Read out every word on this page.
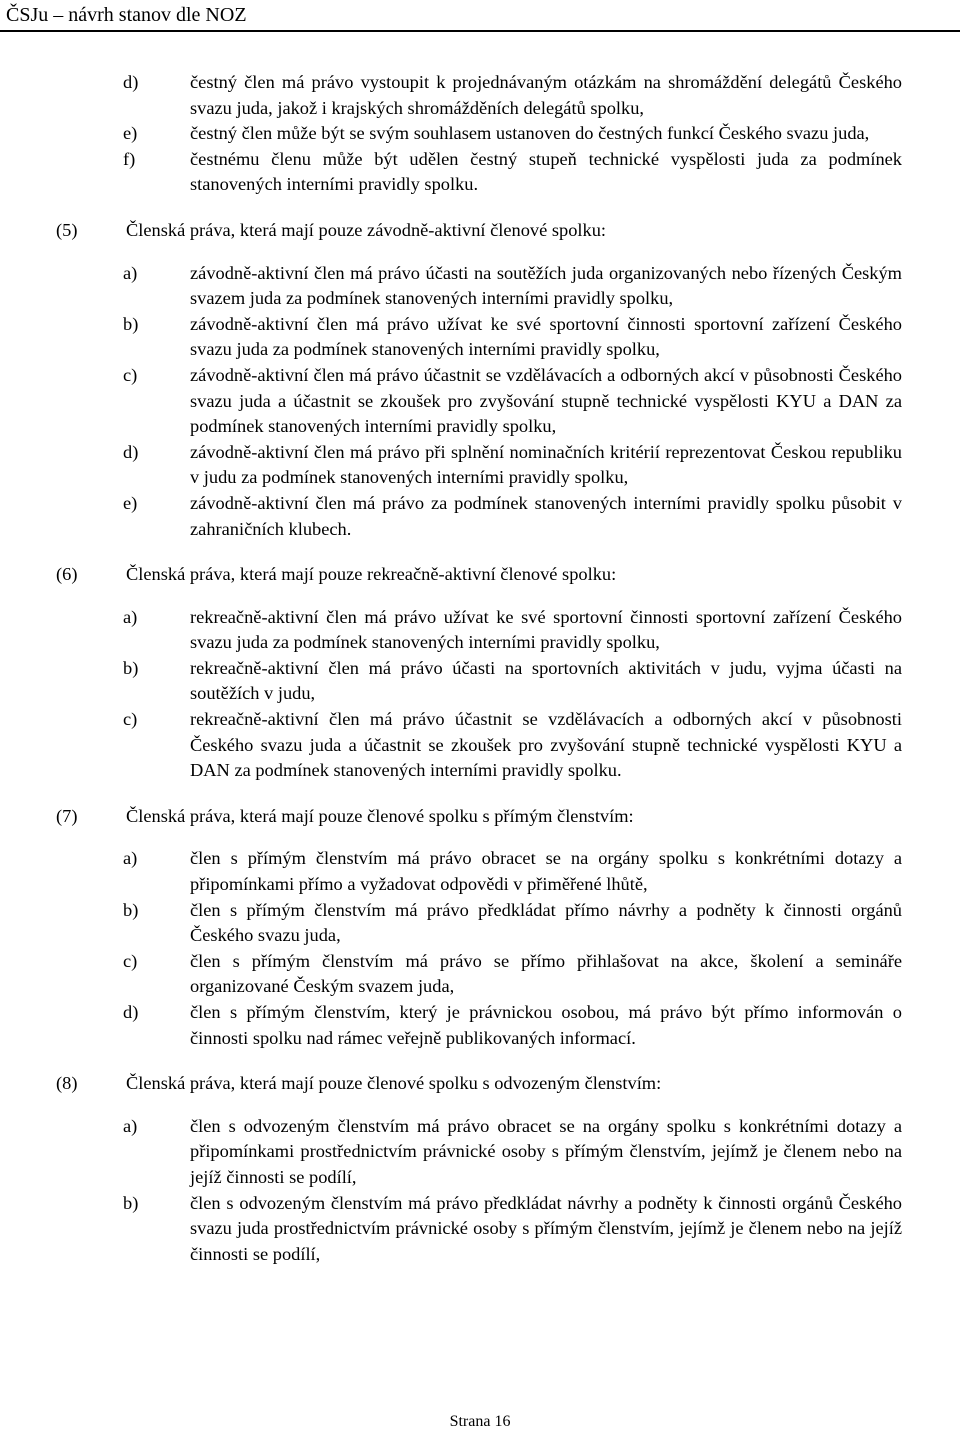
ČSJu – návrh stanov dle NOZ
d)	čestný člen má právo vystoupit k projednávaným otázkám na shromáždění delegátů Českého svazu juda, jakož i krajských shromážděních delegátů spolku,
e)	čestný člen může být se svým souhlasem ustanoven do čestných funkcí Českého svazu juda,
f)	čestnému členu může být udělen čestný stupeň technické vyspělosti juda za podmínek stanovených interními pravidly spolku.
(5)	Členská práva, která mají pouze závodně-aktivní členové spolku:
a)	závodně-aktivní člen má právo účasti na soutěžích juda organizovaných nebo řízených Českým svazem juda za podmínek stanovených interními pravidly spolku,
b)	závodně-aktivní člen má právo užívat ke své sportovní činnosti sportovní zařízení Českého svazu juda za podmínek stanovených interními pravidly spolku,
c)	závodně-aktivní člen má právo účastnit se vzdělávacích a odborných akcí v působnosti Českého svazu juda a účastnit se zkoušek pro zvyšování stupně technické vyspělosti KYU a DAN za podmínek stanovených interními pravidly spolku,
d)	závodně-aktivní člen má právo při splnění nominačních kritérií reprezentovat Českou republiku v judu za podmínek stanovených interními pravidly spolku,
e)	závodně-aktivní člen má právo za podmínek stanovených interními pravidly spolku působit v zahraničních klubech.
(6)	Členská práva, která mají pouze rekreačně-aktivní členové spolku:
a)	rekreačně-aktivní člen má právo užívat ke své sportovní činnosti sportovní zařízení Českého svazu juda za podmínek stanovených interními pravidly spolku,
b)	rekreačně-aktivní člen má právo účasti na sportovních aktivitách v judu, vyjma účasti na soutěžích v judu,
c)	rekreačně-aktivní člen má právo účastnit se vzdělávacích a odborných akcí v působnosti Českého svazu juda a účastnit se zkoušek pro zvyšování stupně technické vyspělosti KYU a DAN za podmínek stanovených interními pravidly spolku.
(7)	Členská práva, která mají pouze členové spolku s přímým členstvím:
a)	člen s přímým členstvím má právo obracet se na orgány spolku s konkrétními dotazy a připomínkami přímo a vyžadovat odpovědi v přiměřené lhůtě,
b)	člen s přímým členstvím má právo předkládat přímo návrhy a podněty k činnosti orgánů Českého svazu juda,
c)	člen s přímým členstvím má právo se přímo přihlašovat na akce, školení a semináře organizované Českým svazem juda,
d)	člen s přímým členstvím, který je právnickou osobou, má právo být přímo informován o činnosti spolku nad rámec veřejně publikovaných informací.
(8)	Členská práva, která mají pouze členové spolku s odvozeným členstvím:
a)	člen s odvozeným členstvím má právo obracet se na orgány spolku s konkrétními dotazy a připomínkami prostřednictvím právnické osoby s přímým členstvím, jejímž je členem nebo na jejíž činnosti se podílí,
b)	člen s odvozeným členstvím má právo předkládat návrhy a podněty k činnosti orgánů Českého svazu juda prostřednictvím právnické osoby s přímým členstvím, jejímž je členem nebo na jejíž činnosti se podílí,
Strana 16
